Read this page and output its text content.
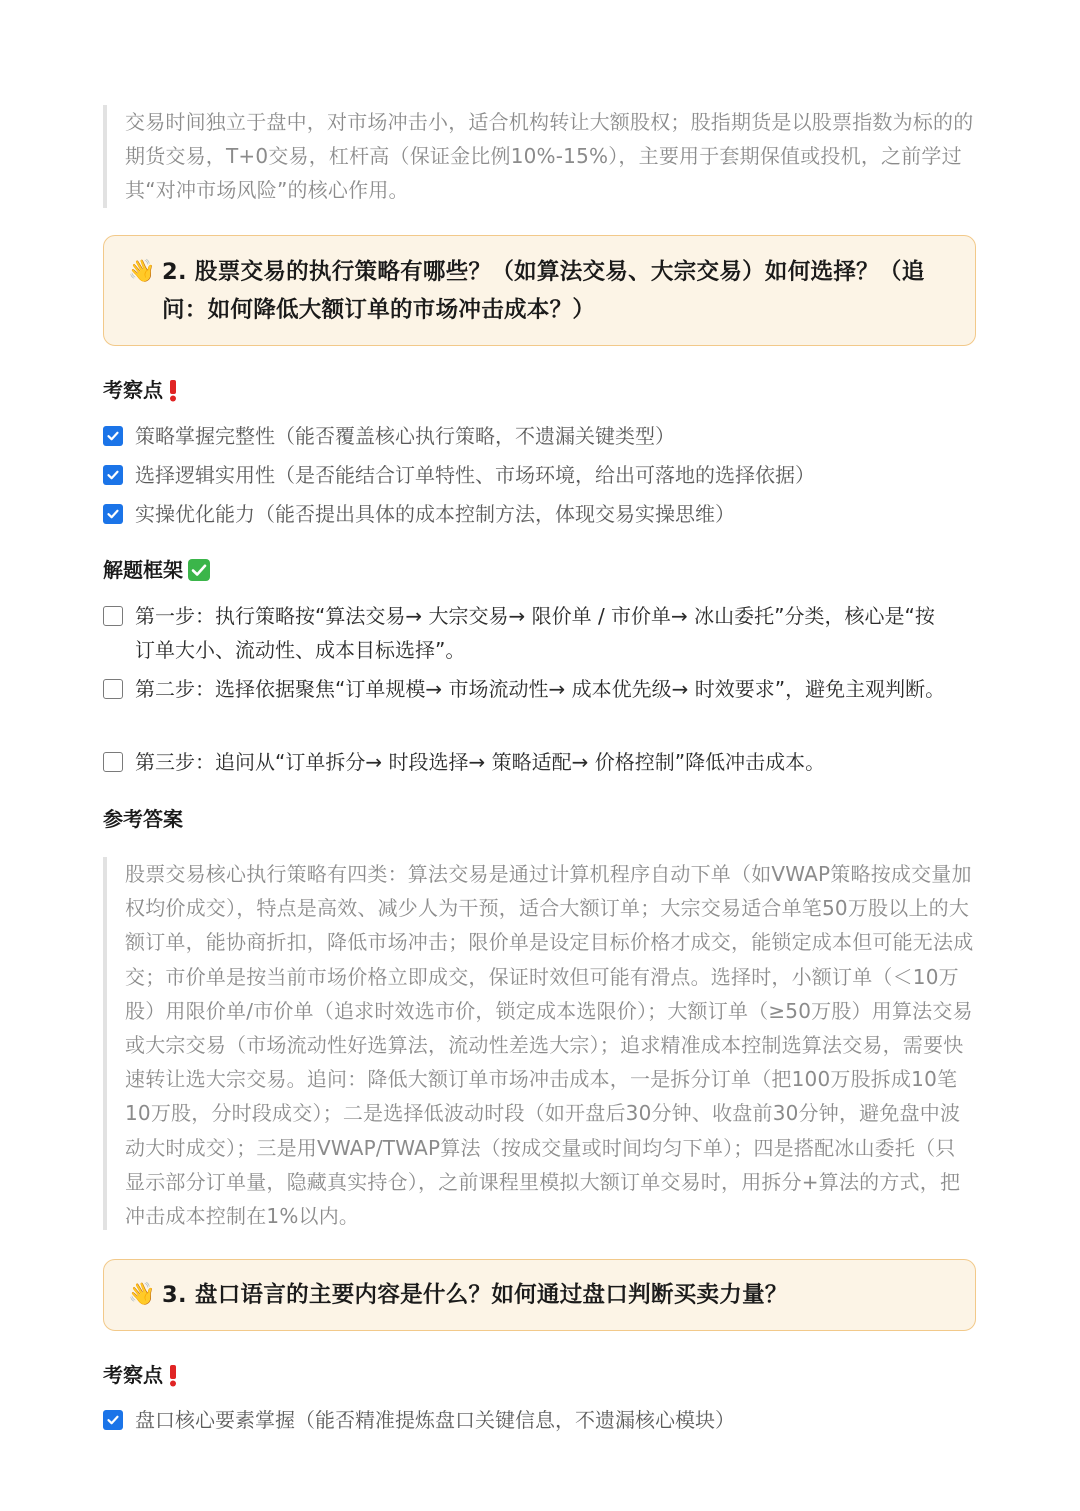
交易时间独立于盘中，对市场冲击小，适合机构转让大额股权；股指期货是以股票指数为标的的期货交易，T+0交易，杠杆高（保证金比例10%-15%），主要用于套期保值或投机，之前学过其“对冲市场风险”的核心作用。
👋 2. 股票交易的执行策略有哪些？（如算法交易、大宗交易）如何选择？（追问：如何降低大额订单的市场冲击成本？）
考察点
策略掌握完整性（能否覆盖核心执行策略，不遗漏关键类型）
选择逻辑实用性（是否能结合订单特性、市场环境，给出可落地的选择依据）
实操优化能力（能否提出具体的成本控制方法，体现交易实操思维）
解题框架
第一步：执行策略按“算法交易→ 大宗交易→ 限价单 / 市价单→ 冰山委托”分类，核心是“按订单大小、流动性、成本目标选择”。
第二步：选择依据聚焦“订单规模→ 市场流动性→ 成本优先级→ 时效要求”，避免主观判断。
第三步：追问从“订单拆分→ 时段选择→ 策略适配→ 价格控制”降低冲击成本。
参考答案
股票交易核心执行策略有四类：算法交易是通过计算机程序自动下单（如VWAP策略按成交量加权均价成交），特点是高效、减少人为干预，适合大额订单；大宗交易适合单笔50万股以上的大额订单，能协商折扣，降低市场冲击；限价单是设定目标价格才成交，能锁定成本但可能无法成交；市价单是按当前市场价格立即成交，保证时效但可能有滑点。选择时，小额订单（＜10万股）用限价单/市价单（追求时效选市价，锁定成本选限价）；大额订单（≥50万股）用算法交易或大宗交易（市场流动性好选算法，流动性差选大宗）；追求精准成本控制选算法交易，需要快速转让选大宗交易。追问：降低大额订单市场冲击成本，一是拆分订单（把100万股拆成10笔10万股，分时段成交）；二是选择低波动时段（如开盘后30分钟、收盘前30分钟，避免盘中波动大时成交）；三是用VWAP/TWAP算法（按成交量或时间均匀下单）；四是搭配冰山委托（只显示部分订单量，隐藏真实持仓），之前课程里模拟大额订单交易时，用拆分+算法的方式，把冲击成本控制在1%以内。
👋 3. 盘口语言的主要内容是什么？如何通过盘口判断买卖力量？
考察点
盘口核心要素掌握（能否精准提炼盘口关键信息，不遗漏核心模块）
